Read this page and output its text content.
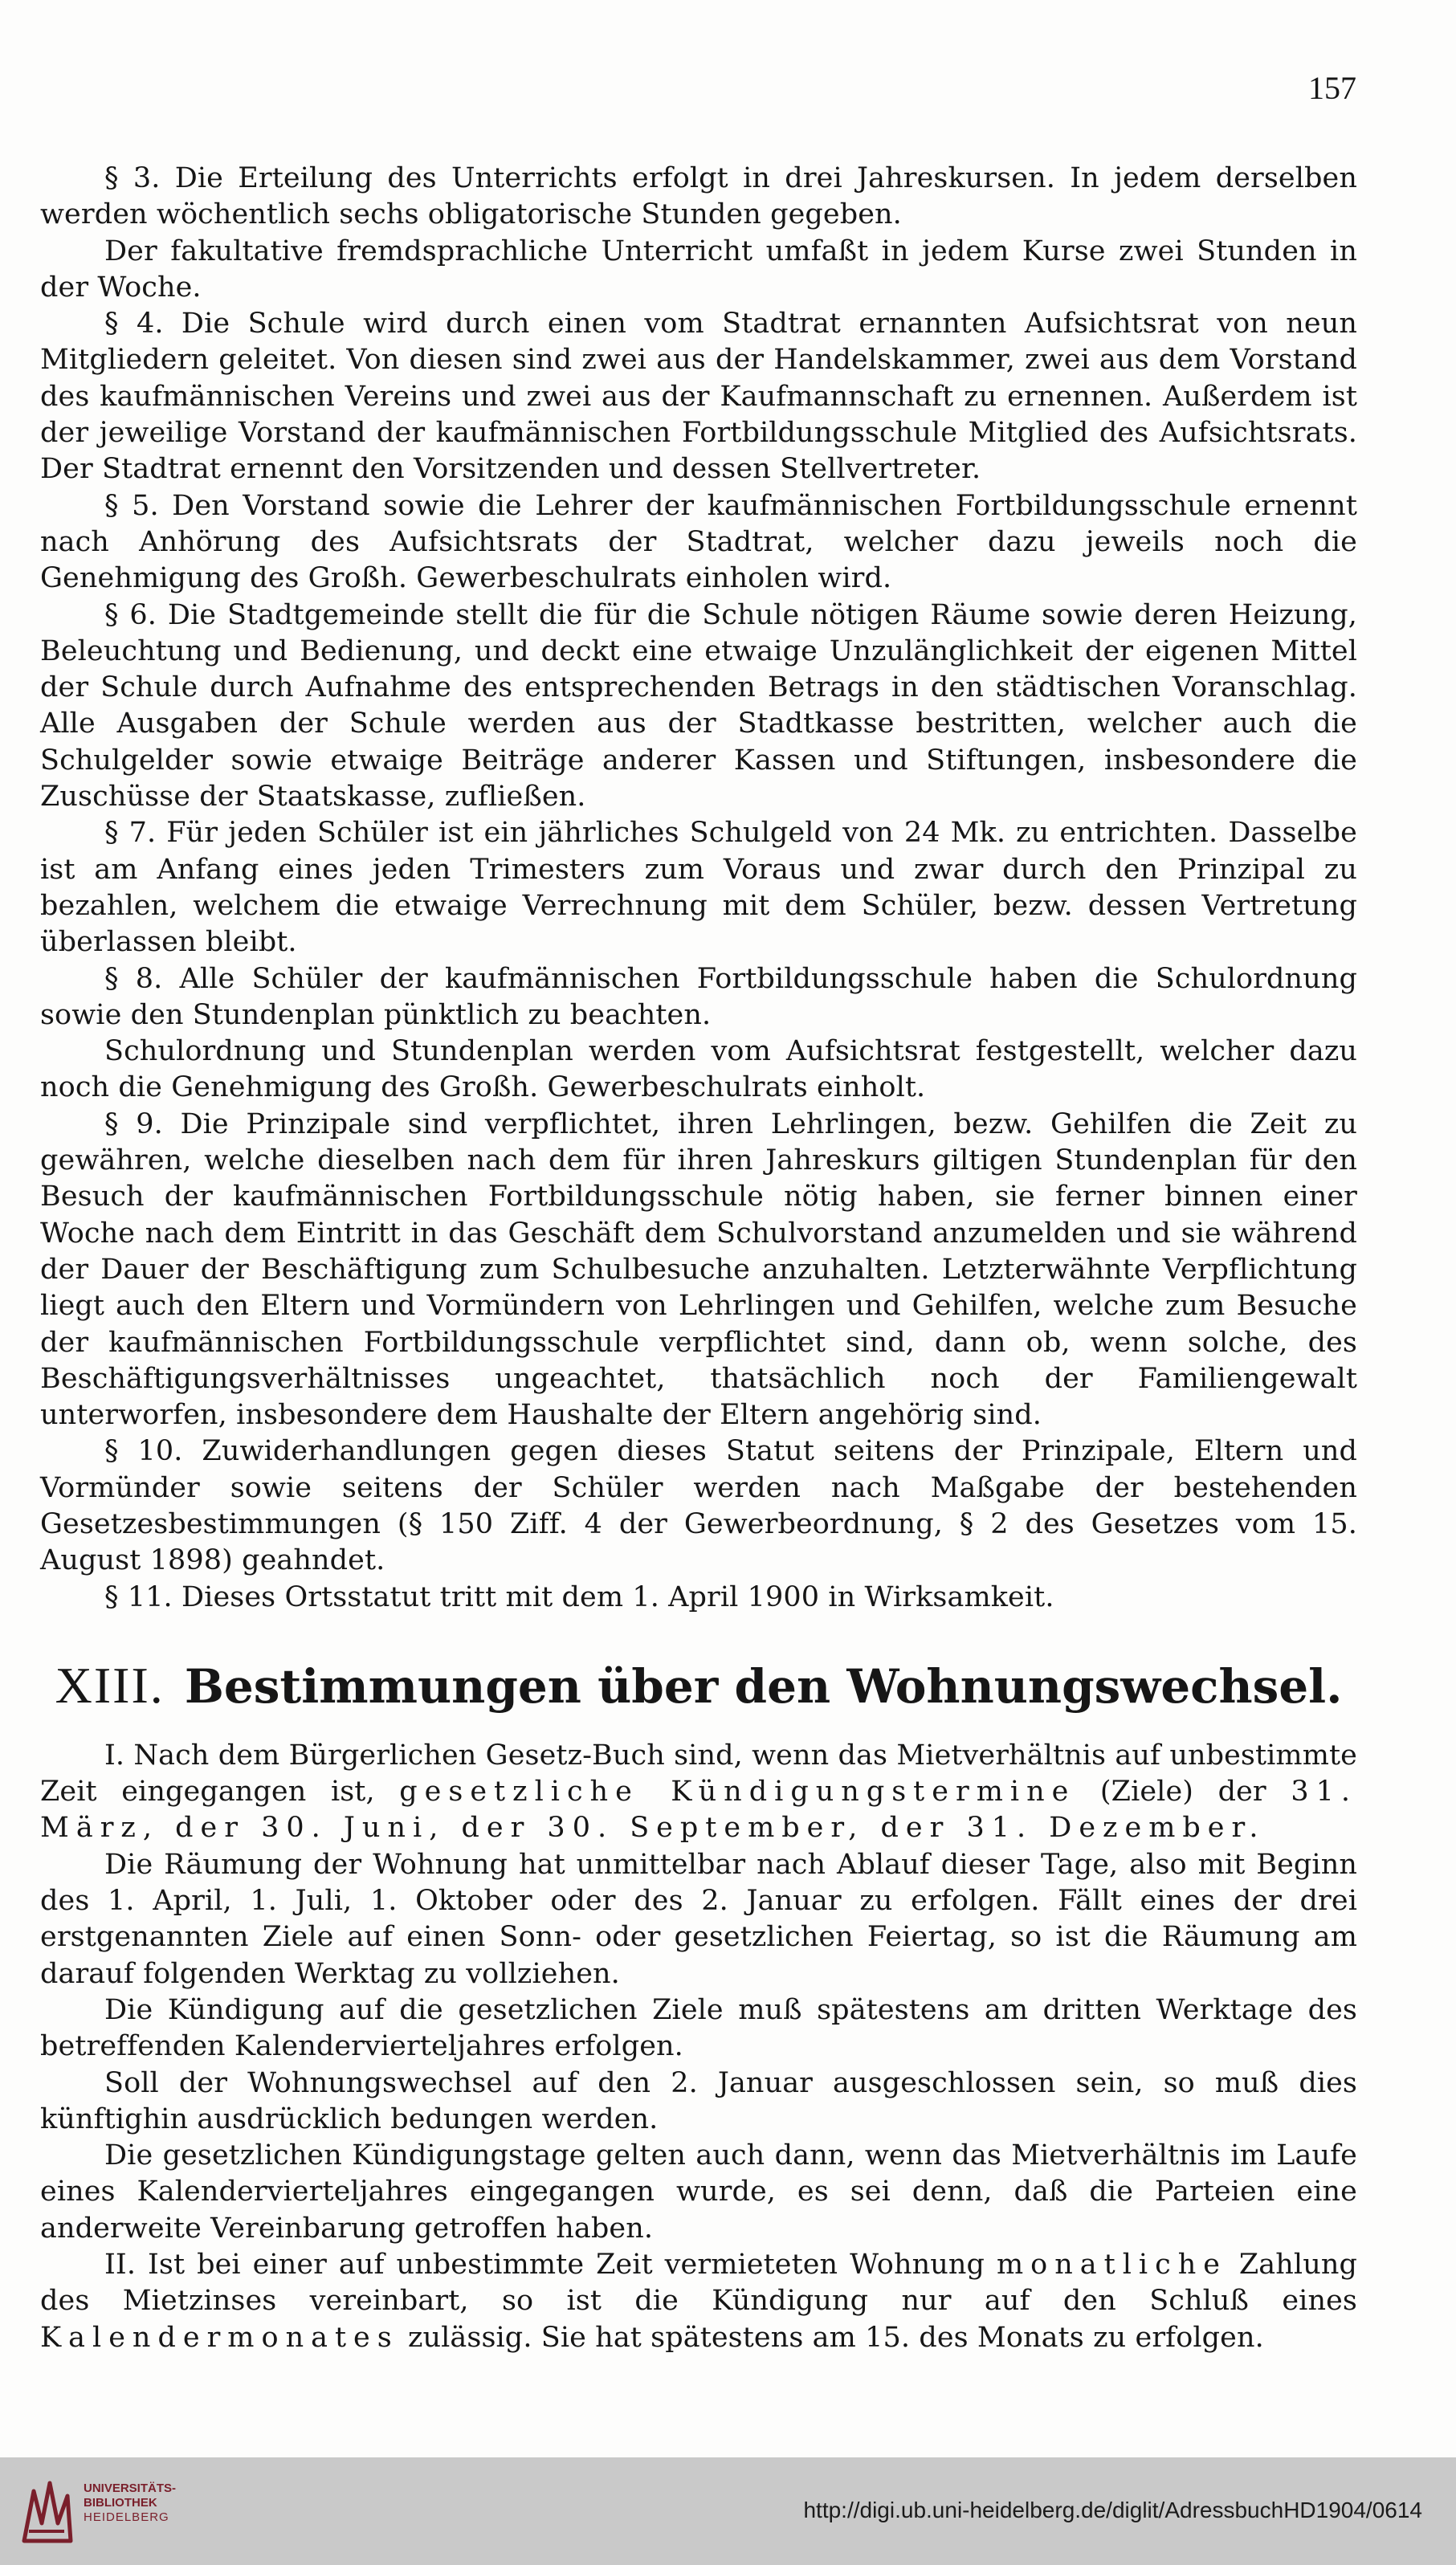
157

§ 3. Die Erteilung des Unterrichts erfolgt in drei Jahreskursen. In jedem derselben werden wöchentlich sechs obligatorische Stunden gegeben.

Der fakultative fremdsprachliche Unterricht umfaßt in jedem Kurse zwei Stunden in der Woche.

§ 4. Die Schule wird durch einen vom Stadtrat ernannten Aufsichtsrat von neun Mitgliedern geleitet. Von diesen sind zwei aus der Handelskammer, zwei aus dem Vorstand des kaufmännischen Vereins und zwei aus der Kaufmannschaft zu ernennen. Außerdem ist der jeweilige Vorstand der kaufmännischen Fortbildungsschule Mitglied des Aufsichtsrats. Der Stadtrat ernennt den Vorsitzenden und dessen Stellvertreter.

§ 5. Den Vorstand sowie die Lehrer der kaufmännischen Fortbildungsschule ernennt nach Anhörung des Aufsichtsrats der Stadtrat, welcher dazu jeweils noch die Genehmigung des Großh. Gewerbeschulrats einholen wird.

§ 6. Die Stadtgemeinde stellt die für die Schule nötigen Räume sowie deren Heizung, Beleuchtung und Bedienung, und deckt eine etwaige Unzulänglichkeit der eigenen Mittel der Schule durch Aufnahme des entsprechenden Betrags in den städtischen Voranschlag. Alle Ausgaben der Schule werden aus der Stadtkasse bestritten, welcher auch die Schulgelder sowie etwaige Beiträge anderer Kassen und Stiftungen, insbesondere die Zuschüsse der Staatskasse, zufließen.

§ 7. Für jeden Schüler ist ein jährliches Schulgeld von 24 Mk. zu entrichten. Dasselbe ist am Anfang eines jeden Trimesters zum Voraus und zwar durch den Prinzipal zu bezahlen, welchem die etwaige Verrechnung mit dem Schüler, bezw. dessen Vertretung überlassen bleibt.

§ 8. Alle Schüler der kaufmännischen Fortbildungsschule haben die Schulordnung sowie den Stundenplan pünktlich zu beachten.

Schulordnung und Stundenplan werden vom Aufsichtsrat festgestellt, welcher dazu noch die Genehmigung des Großh. Gewerbeschulrats einholt.

§ 9. Die Prinzipale sind verpflichtet, ihren Lehrlingen, bezw. Gehilfen die Zeit zu gewähren, welche dieselben nach dem für ihren Jahreskurs giltigen Stundenplan für den Besuch der kaufmännischen Fortbildungsschule nötig haben, sie ferner binnen einer Woche nach dem Eintritt in das Geschäft dem Schulvorstand anzumelden und sie während der Dauer der Beschäftigung zum Schulbesuche anzuhalten. Letzterwähnte Verpflichtung liegt auch den Eltern und Vormündern von Lehrlingen und Gehilfen, welche zum Besuche der kaufmännischen Fortbildungsschule verpflichtet sind, dann ob, wenn solche, des Beschäftigungsverhältnisses ungeachtet, thatsächlich noch der Familiengewalt unterworfen, insbesondere dem Haushalte der Eltern angehörig sind.

§ 10. Zuwiderhandlungen gegen dieses Statut seitens der Prinzipale, Eltern und Vormünder sowie seitens der Schüler werden nach Maßgabe der bestehenden Gesetzesbestimmungen (§ 150 Ziff. 4 der Gewerbeordnung, § 2 des Gesetzes vom 15. August 1898) geahndet.

§ 11. Dieses Ortsstatut tritt mit dem 1. April 1900 in Wirksamkeit.

XIII. Bestimmungen über den Wohnungswechsel.

I. Nach dem Bürgerlichen Gesetz-Buch sind, wenn das Mietverhältnis auf unbestimmte Zeit eingegangen ist, gesetzliche Kündigungstermine (Ziele) der 31. März, der 30. Juni, der 30. September, der 31. Dezember.

Die Räumung der Wohnung hat unmittelbar nach Ablauf dieser Tage, also mit Beginn des 1. April, 1. Juli, 1. Oktober oder des 2. Januar zu erfolgen. Fällt eines der drei erstgenannten Ziele auf einen Sonn- oder gesetzlichen Feiertag, so ist die Räumung am darauf folgenden Werktag zu vollziehen.

Die Kündigung auf die gesetzlichen Ziele muß spätestens am dritten Werktage des betreffenden Kalendervierteljahres erfolgen.

Soll der Wohnungswechsel auf den 2. Januar ausgeschlossen sein, so muß dies künftighin ausdrücklich bedungen werden.

Die gesetzlichen Kündigungstage gelten auch dann, wenn das Mietverhältnis im Laufe eines Kalendervierteljahres eingegangen wurde, es sei denn, daß die Parteien eine anderweite Vereinbarung getroffen haben.

II. Ist bei einer auf unbestimmte Zeit vermieteten Wohnung monatliche Zahlung des Mietzinses vereinbart, so ist die Kündigung nur auf den Schluß eines Kalendermonates zulässig. Sie hat spätestens am 15. des Monats zu erfolgen.

UNIVERSITÄTS-
BIBLIOTHEK
HEIDELBERG	http://digi.ub.uni-heidelberg.de/diglit/AdressbuchHD1904/0614
